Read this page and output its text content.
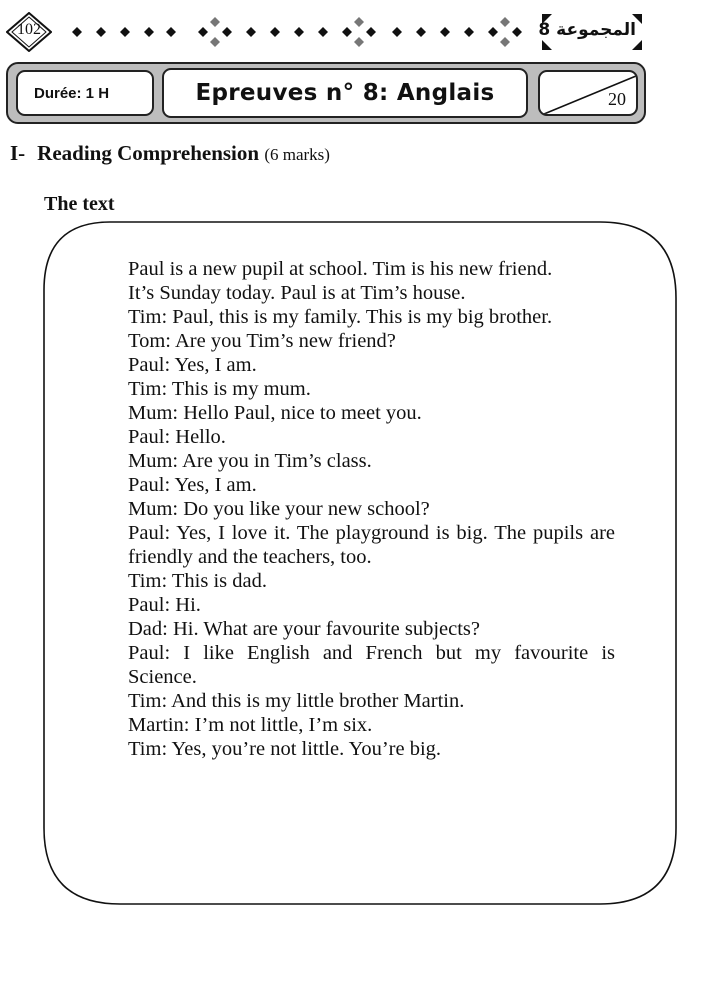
102	المجموعة 8
Durée: 1 H	Epreuves n° 8: Anglais	20
I- Reading Comprehension (6 marks)
The text
Paul is a new pupil at school. Tim is his new friend.
It’s Sunday today. Paul is at Tim’s house.
Tim: Paul, this is my family. This is my big brother.
Tom: Are you Tim’s new friend?
Paul: Yes, I am.
Tim: This is my mum.
Mum: Hello Paul, nice to meet you.
Paul: Hello.
Mum: Are you in Tim’s class.
Paul: Yes, I am.
Mum: Do you like your new school?
Paul: Yes, I love it. The playground is big. The pupils are friendly and the teachers, too.
Tim: This is dad.
Paul: Hi.
Dad: Hi. What are your favourite subjects?
Paul: I like English and French but my favourite is Science.
Tim: And this is my little brother Martin.
Martin: I’m not little, I’m six.
Tim: Yes, you’re not little. You’re big.
